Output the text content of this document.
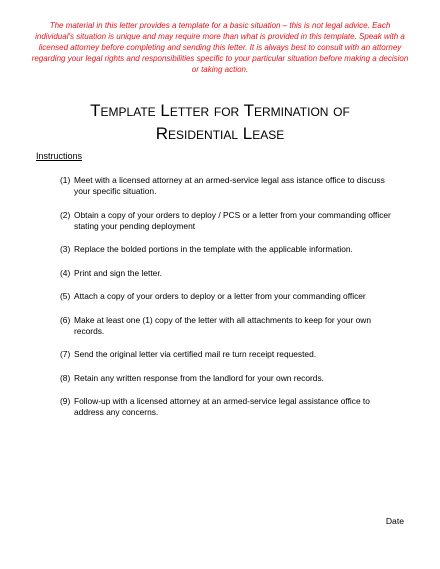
The material in this letter provides a template for a basic situation – this is not legal advice. Each individual's situation is unique and may require more than what is provided in this template. Speak with a licensed attorney before completing and sending this letter. It is always best to consult with an attorney regarding your legal rights and responsibilities specific to your particular situation before making a decision or taking action.
Template Letter for Termination of
Residential Lease
Instructions
(1) Meet with a licensed attorney at an armed-service legal ass istance office to discuss your specific situation.
(2) Obtain a copy of your orders to deploy / PCS or a letter from your commanding officer stating your pending deployment
(3) Replace the bolded portions in the template with the applicable information.
(4) Print and sign the letter.
(5) Attach a copy of your orders to deploy or a letter from your commanding officer
(6) Make at least one (1) copy of the letter with all attachments to keep for your own records.
(7) Send the original letter via certified mail re turn receipt requested.
(8) Retain any written response from the landlord for your own records.
(9) Follow-up with a licensed attorney at an armed-service legal assistance office to address any concerns.
Date
